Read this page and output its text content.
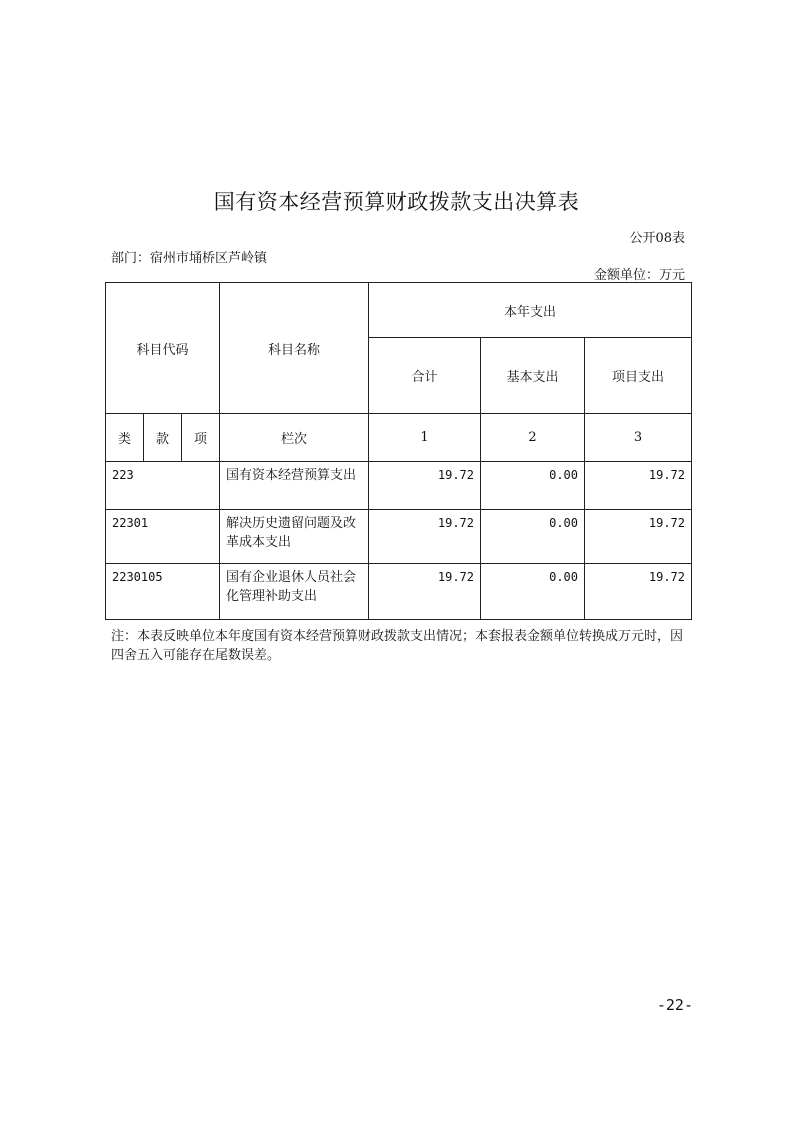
国有资本经营预算财政拨款支出决算表
公开08表
部门：宿州市埇桥区芦岭镇
金额单位：万元
科目代码			科目名称	本年支出		
				合计	基本支出	项目支出
类	款	项	栏次	1	2	3
223			国有资本经营预算支出	19.72	0.00	19.72
22301			解决历史遗留问题及改革成本支出	19.72	0.00	19.72
2230105			国有企业退休人员社会化管理补助支出	19.72	0.00	19.72
注：本表反映单位本年度国有资本经营预算财政拨款支出情况；本套报表金额单位转换成万元时，因四舍五入可能存在尾数误差。
-22-
